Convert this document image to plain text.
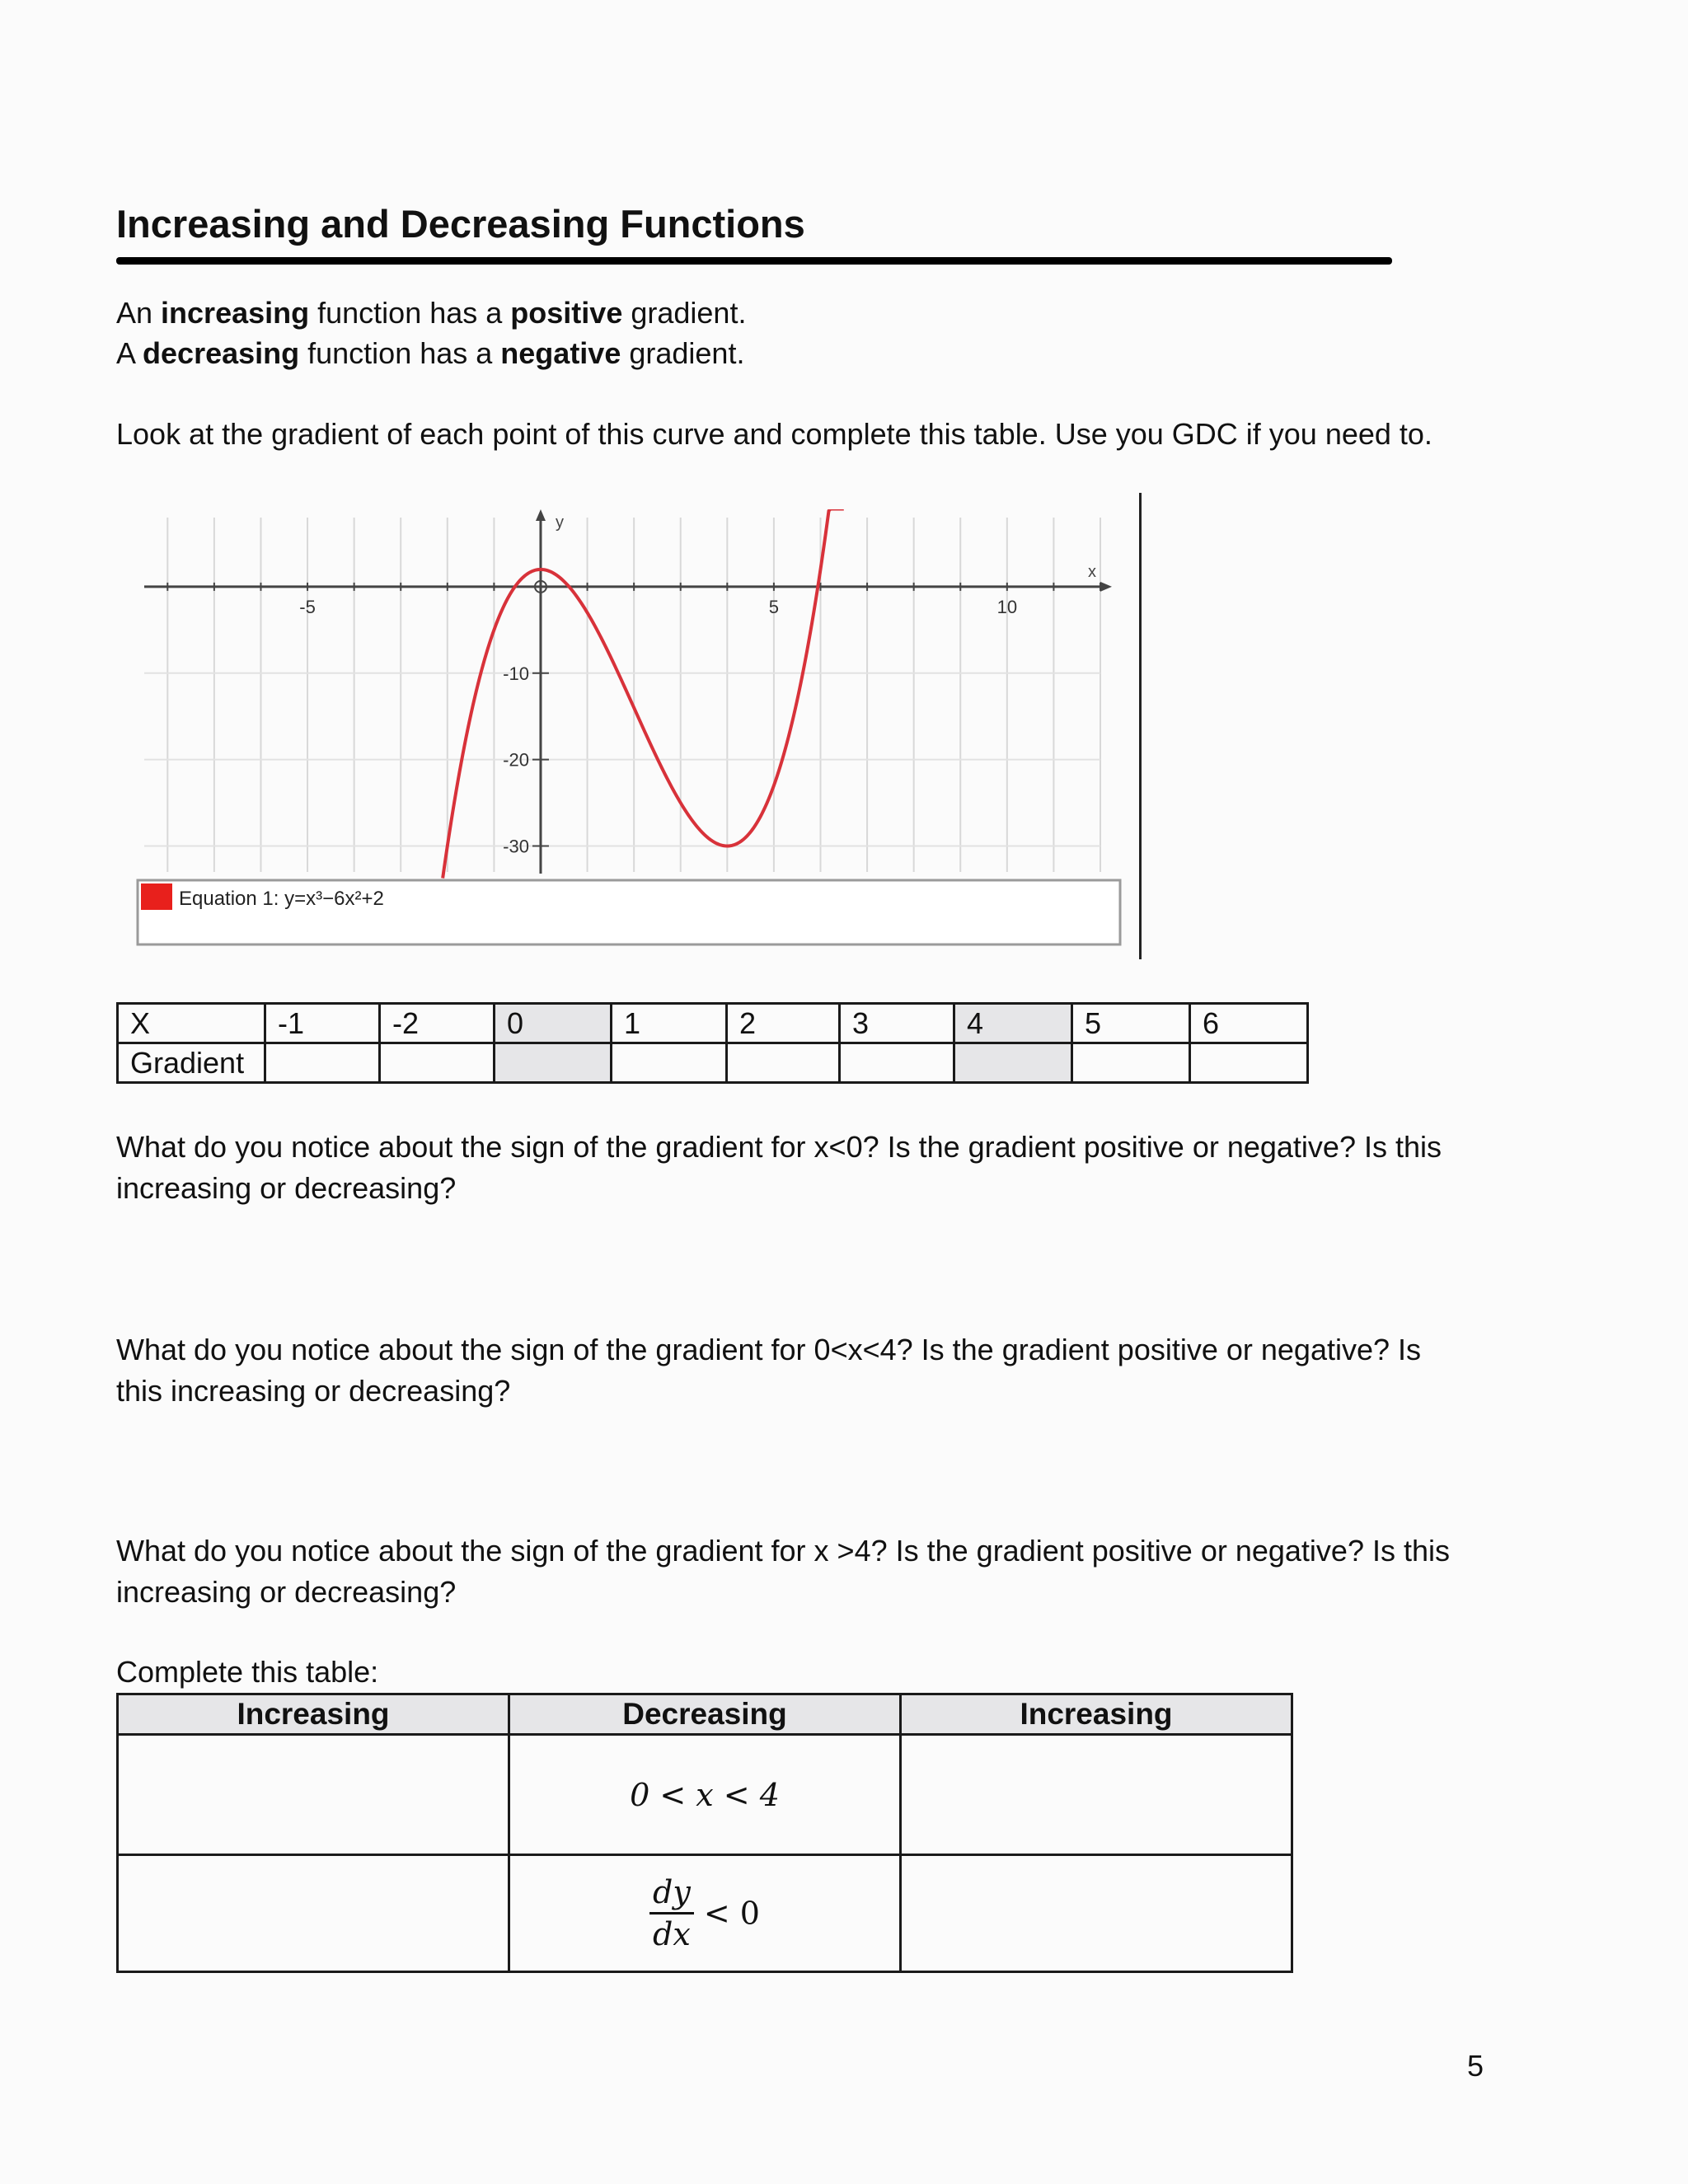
Increasing and Decreasing Functions
An increasing function has a positive gradient.
A decreasing function has a negative gradient.
Look at the gradient of each point of this curve and complete this table. Use you GDC if you need to.
-5	5	10
-10
-20
-30
x
y
Equation 1: y=x³−6x²+2
X	-1	-2	0	1	2	3	4	5	6
Gradient									
What do you notice about the sign of the gradient for x<0? Is the gradient positive or negative? Is this increasing or decreasing?
What do you notice about the sign of the gradient for 0<x<4? Is the gradient positive or negative? Is this increasing or decreasing?
What do you notice about the sign of the gradient for x >4? Is the gradient positive or negative? Is this increasing or decreasing?
Complete this table:
Increasing	Decreasing	Increasing
	0 < x < 4	

	$\frac{dy}{dx} < 0$	
5
